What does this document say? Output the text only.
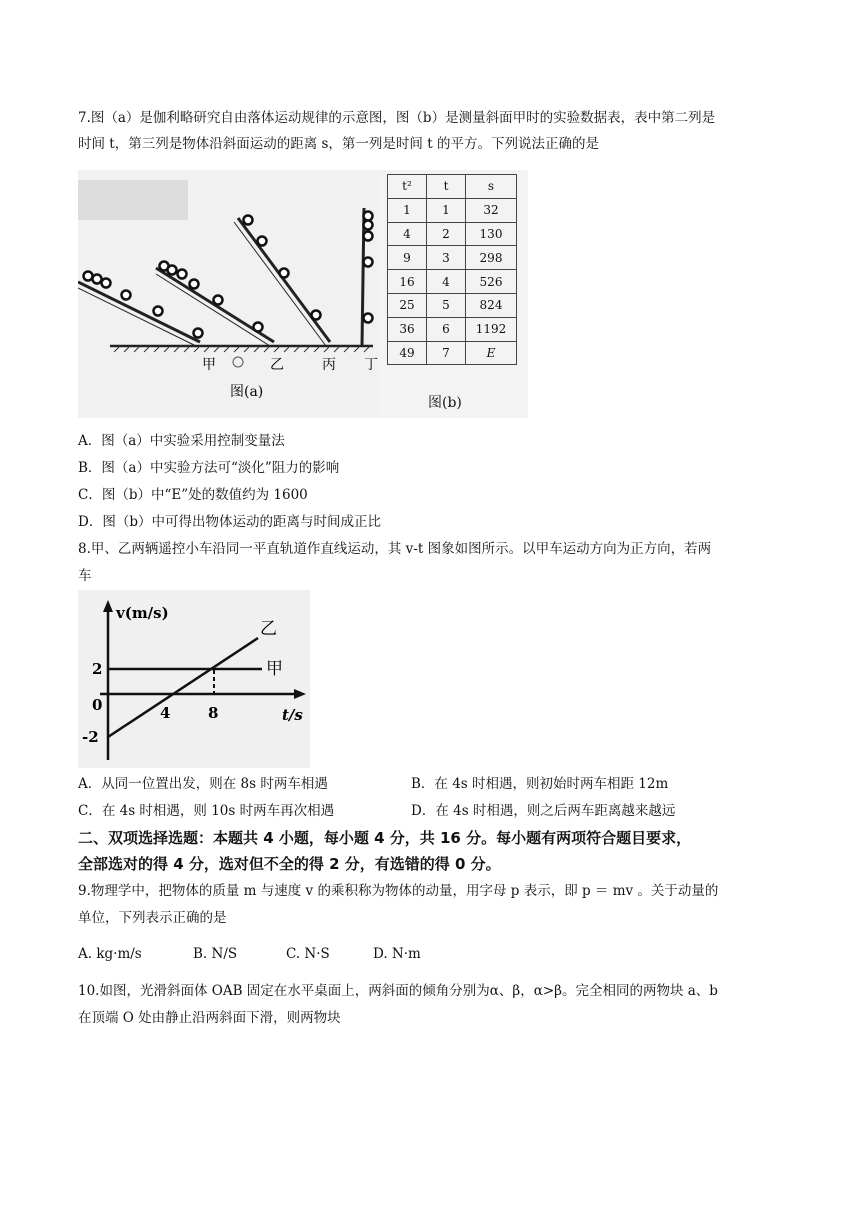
7.图（a）是伽利略研究自由落体运动规律的示意图，图（b）是测量斜面甲时的实验数据表，表中第二列是
时间 t，第三列是物体沿斜面运动的距离 s，第一列是时间 t 的平方。下列说法正确的是
甲	乙	丙 丁
图(a)
t²	t	s
1	1	32
4	2	130
9	3	298
16	4	526
25	5	824
36	6	1192
49	7	E
图(b)
A．图（a）中实验采用控制变量法
B．图（a）中实验方法可“淡化”阻力的影响
C．图（b）中“E”处的数值约为 1600
D．图（b）中可得出物体运动的距离与时间成正比
8.甲、乙两辆遥控小车沿同一平直轨道作直线运动，其 v-t 图象如图所示。以甲车运动方向为正方向，若两
车
v(m/s)
t/s
2
0
-2
4	8
乙
甲
A．从同一位置出发，则在 8s 时两车相遇	B．在 4s 时相遇，则初始时两车相距 12m
C．在 4s 时相遇，则 10s 时两车再次相遇	D．在 4s 时相遇，则之后两车距离越来越远
二、双项选择选题：本题共 4 小题，每小题 4 分，共 16 分。每小题有两项符合题目要求，
全部选对的得 4 分，选对但不全的得 2 分，有选错的得 0 分。
9.物理学中，把物体的质量 m 与速度 v 的乘积称为物体的动量，用字母 p 表示，即 p ＝ mv 。关于动量的
单位，下列表示正确的是
A. kg·m/s	B. N/S	C. N·S	D. N·m
10.如图，光滑斜面体 OAB 固定在水平桌面上，两斜面的倾角分别为α、β，α>β。完全相同的两物块 a、b
在顶端 O 处由静止沿两斜面下滑，则两物块
